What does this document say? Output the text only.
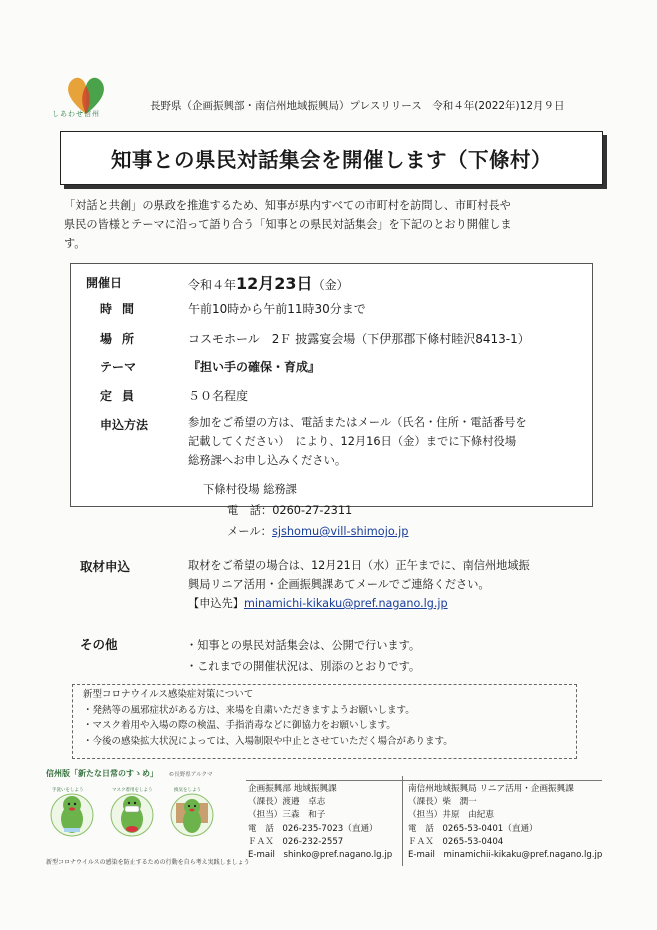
しあわせ信州
長野県（企画振興部・南信州地域振興局）プレスリリース　令和４年(2022年)12月９日
知事との県民対話集会を開催します（下條村）

「対話と共創」の県政を推進するため、知事が県内すべての市町村を訪問し、市町村長や

県民の皆様とテーマに沿って語り合う「知事との県民対話集会」を下記のとおり開催しま

す。

開催日	令和４年12月23日（金）
時間	午前10時から午前11時30分まで
場所	コスモホール　2Ｆ 披露宴会場（下伊那郡下條村睦沢8413-1）
テーマ	『担い手の確保・育成』
定員	５０名程度
申込方法	参加をご希望の方は、電話またはメール（氏名・住所・電話番号を

記載してください）　により、12月16日（金）までに下條村役場

総務課へお申し込みください。

下條村役場 総務課
電　話：0260-27-2311
メール：sjshomu@vill-shimojo.jp
取材申込	取材をご希望の場合は、12月21日（水）正午までに、南信州地域振

興局リニア活用・企画振興課あてメールでご連絡ください。

【申込先】minamichi-kikaku@pref.nagano.lg.jp

その他	・知事との県民対話集会は、公開で行います。

・これまでの開催状況は、別添のとおりです。

新型コロナウイルス感染症対策について

・発熱等の風邪症状がある方は、来場を自粛いただきますようお願いします。

・マスク着用や入場の際の検温、手指消毒などに御協力をお願いします。

・今後の感染拡大状況によっては、入場制限や中止とさせていただく場合があります。

信州版「新たな日常のすゝめ」 ©長野県アルクマ
手洗いをしよう	マスク着用をしよう	換気をしよう
新型コロナウイルスの感染を防止するための行動を自ら考え実践しましょう

企画振興部 地域振興課

（課長）渡邉　卓志

（担当）三森　和子

電　話　026-235-7023（直通）

ＦＡＸ　026-232-2557

E-mail　shinko@pref.nagano.lg.jp

南信州地域振興局 リニア活用・企画振興課

（課長）柴　潤一

（担当）井原　由紀恵

電　話　0265-53-0401（直通）

ＦＡＸ　0265-53-0404

E-mail　minamichii-kikaku@pref.nagano.lg.jp
